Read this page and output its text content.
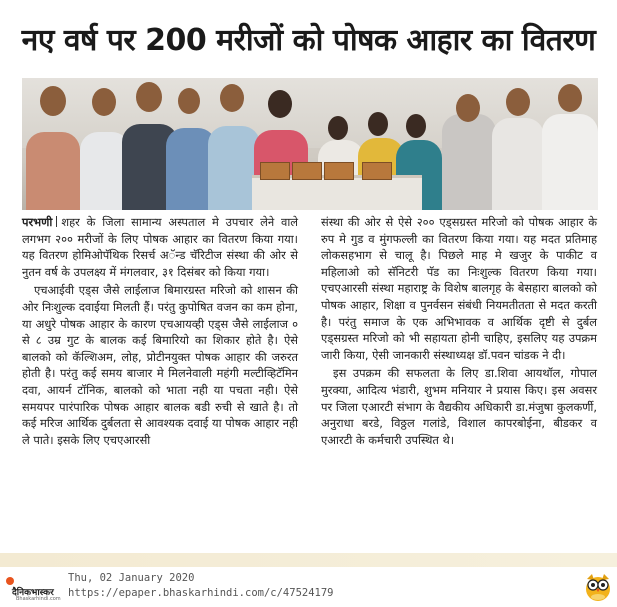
नए वर्ष पर 200 मरीजों को पोषक आहार का वितरण

परभणी शहर के जिला सामान्य अस्पताल मे उपचार लेने वाले लगभग २०० मरीजों के लिए पोषक आहार का वितरण किया गया। यह वितरण होमिओपॅथिक रिसर्च अॅन्ड चॅरिटीज संस्था की ओर से नुतन वर्ष के उपलक्ष्य में मंगलवार, ३१ दिसंबर को किया गया।

एचआईवी एड्स जैसे लाईलाज बिमारग्रस्त मरिजो को शासन की ओर निःशुल्क दवाईया मिलती हैं। परंतु कुपोषित वजन का कम होना, या अधुरे पोषक आहार के कारण एचआयव्ही एड्स जैसे लाईलाज ० से ८ उम्र गुट के बालक कई बिमारियो का शिकार होते है। ऐसे बालको को कॅल्शिअम, लोह, प्रोटीनयुक्त पोषक आहार की जरुरत होती है। परंतु कई समय बाजार मे मिलनेवाली महंगी मल्टीव्हिटॅमिन दवा, आयर्न टॉनिक, बालको को भाता नही या पचता नही। ऐसे समयपर पारंपारिक पोषक आहार बालक बडी रुची से खाते है। तो कई मरिज आर्थिक दुर्बलता से आवश्यक दवाई या पोषक आहार नही ले पाते। इसके लिए एचएआरसी

संस्था की ओर से ऐसे २०० एड्सग्रस्त मरिजो को पोषक आहार के रुप मे गुड व मुंगफल्ली का वितरण किया गया। यह मदत प्रतिमाह लोकसहभाग से चालू है। पिछले माह मे खजुर के पाकीट व महिलाओ को सॅनिटरी पॅड का निःशुल्क वितरण किया गया। एचएआरसी संस्था महाराष्ट्र के विशेष बालगृह के बेसहारा बालको को पोषक आहार, शिक्षा व पुनर्वसन संबंधी नियमतीतता से मदत करती है। परंतु समाज के एक अभिभावक व आर्थिक दृष्टी से दुर्बल एड्सग्रस्त मरिजो को भी सहायता होनी चाहिए, इसलिए यह उपक्रम जारी किया, ऐसी जानकारी संस्थाध्यक्ष डॉ.पवन चांडक ने दी।

इस उपक्रम की सफलता के लिए डा.शिवा आयथॉल, गोपाल मुरक्या, आदित्य भंडारी, शुभम मनियार ने प्रयास किए। इस अवसर पर जिला एआरटी संभाग के वैद्यकीय अधिकारी डा.मंजुषा कुलकर्णी, अनुराधा बरडे, विठ्ठल गलांडे, विशाल कापरबोईना, बीडकर व एआरटी के कर्मचारी उपस्थित थे।

दैनिकभास्कर
Bhaskarhindi.com
Thu, 02 January 2020
https://epaper.bhaskarhindi.com/c/47524179
